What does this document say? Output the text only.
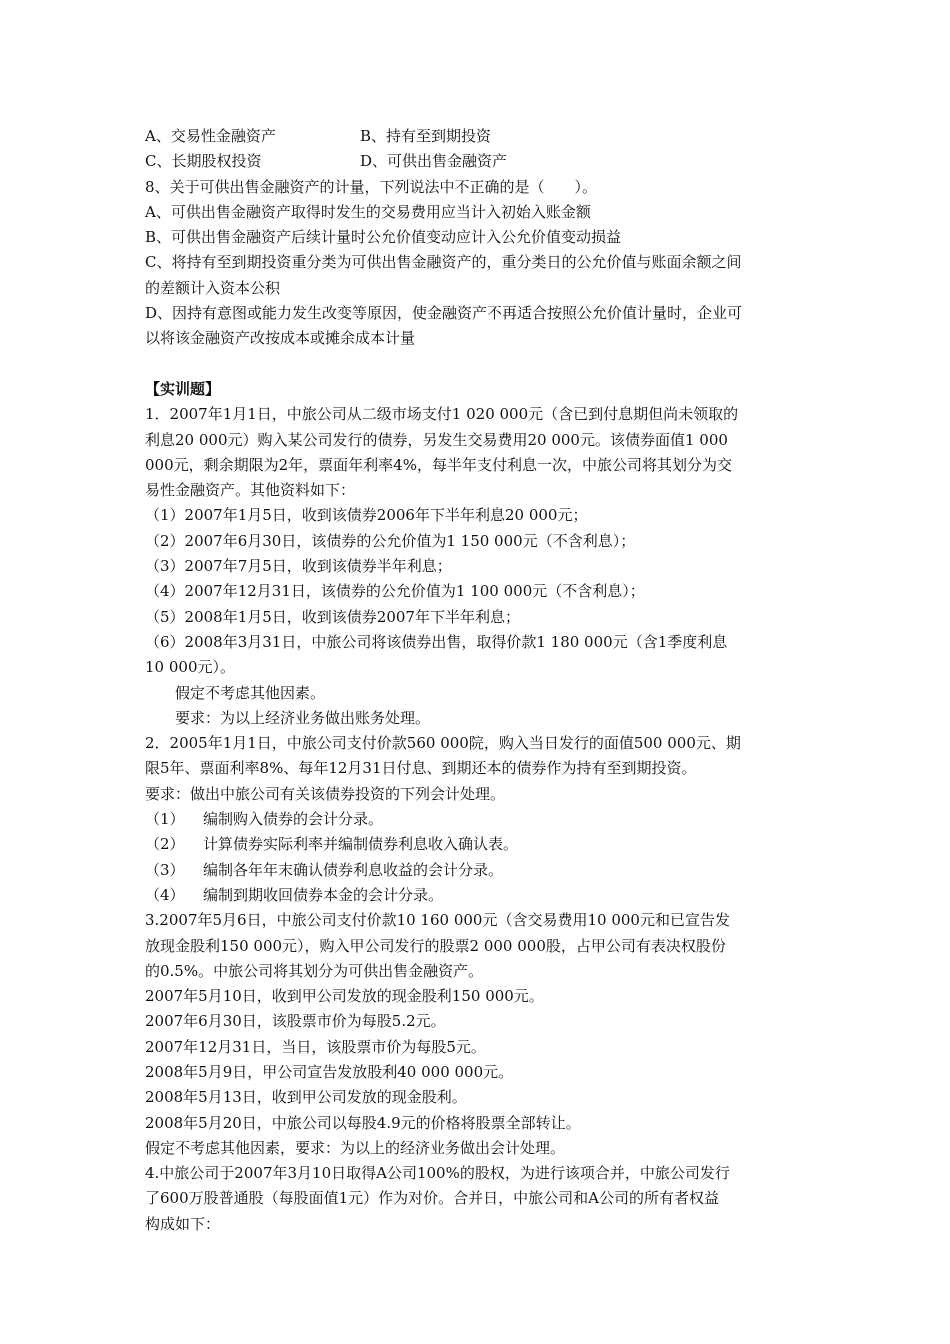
A、交易性金融资产	B、持有至到期投资
C、长期股权投资	D、可供出售金融资产
8、关于可供出售金融资产的计量，下列说法中不正确的是（　　）。
A、可供出售金融资产取得时发生的交易费用应当计入初始入账金额
B、可供出售金融资产后续计量时公允价值变动应计入公允价值变动损益
C、将持有至到期投资重分类为可供出售金融资产的，重分类日的公允价值与账面余额之间
的差额计入资本公积
D、因持有意图或能力发生改变等原因，使金融资产不再适合按照公允价值计量时，企业可
以将该金融资产改按成本或摊余成本计量
【实训题】
1．2007年1月1日，中旅公司从二级市场支付1 020 000元（含已到付息期但尚未领取的
利息20 000元）购入某公司发行的债券，另发生交易费用20 000元。该债券面值1 000
000元，剩余期限为2年，票面年利率4%，每半年支付利息一次，中旅公司将其划分为交
易性金融资产。其他资料如下：
（1）2007年1月5日，收到该债券2006年下半年利息20 000元；
（2）2007年6月30日，该债券的公允价值为1 150 000元（不含利息）；
（3）2007年7月5日，收到该债券半年利息；
（4）2007年12月31日，该债券的公允价值为1 100 000元（不含利息）；
（5）2008年1月5日，收到该债券2007年下半年利息；
（6）2008年3月31日，中旅公司将该债券出售，取得价款1 180 000元（含1季度利息
10 000元）。
假定不考虑其他因素。
要求：为以上经济业务做出账务处理。
2．2005年1月1日，中旅公司支付价款560 000院，购入当日发行的面值500 000元、期
限5年、票面利率8%、每年12月31日付息、到期还本的债券作为持有至到期投资。
要求：做出中旅公司有关该债券投资的下列会计处理。
（1）	编制购入债券的会计分录。
（2）	计算债券实际利率并编制债券利息收入确认表。
（3）	编制各年年末确认债券利息收益的会计分录。
（4）	编制到期收回债券本金的会计分录。
3.2007年5月6日，中旅公司支付价款10 160 000元（含交易费用10 000元和已宣告发
放现金股利150 000元），购入甲公司发行的股票2 000 000股，占甲公司有表决权股份
的0.5%。中旅公司将其划分为可供出售金融资产。
2007年5月10日，收到甲公司发放的现金股利150 000元。
2007年6月30日，该股票市价为每股5.2元。
2007年12月31日，当日，该股票市价为每股5元。
2008年5月9日，甲公司宣告发放股利40 000 000元。
2008年5月13日，收到甲公司发放的现金股利。
2008年5月20日，中旅公司以每股4.9元的价格将股票全部转让。
假定不考虑其他因素，要求：为以上的经济业务做出会计处理。
4.中旅公司于2007年3月10日取得A公司100%的股权，为进行该项合并，中旅公司发行
了600万股普通股（每股面值1元）作为对价。合并日，中旅公司和A公司的所有者权益
构成如下：
